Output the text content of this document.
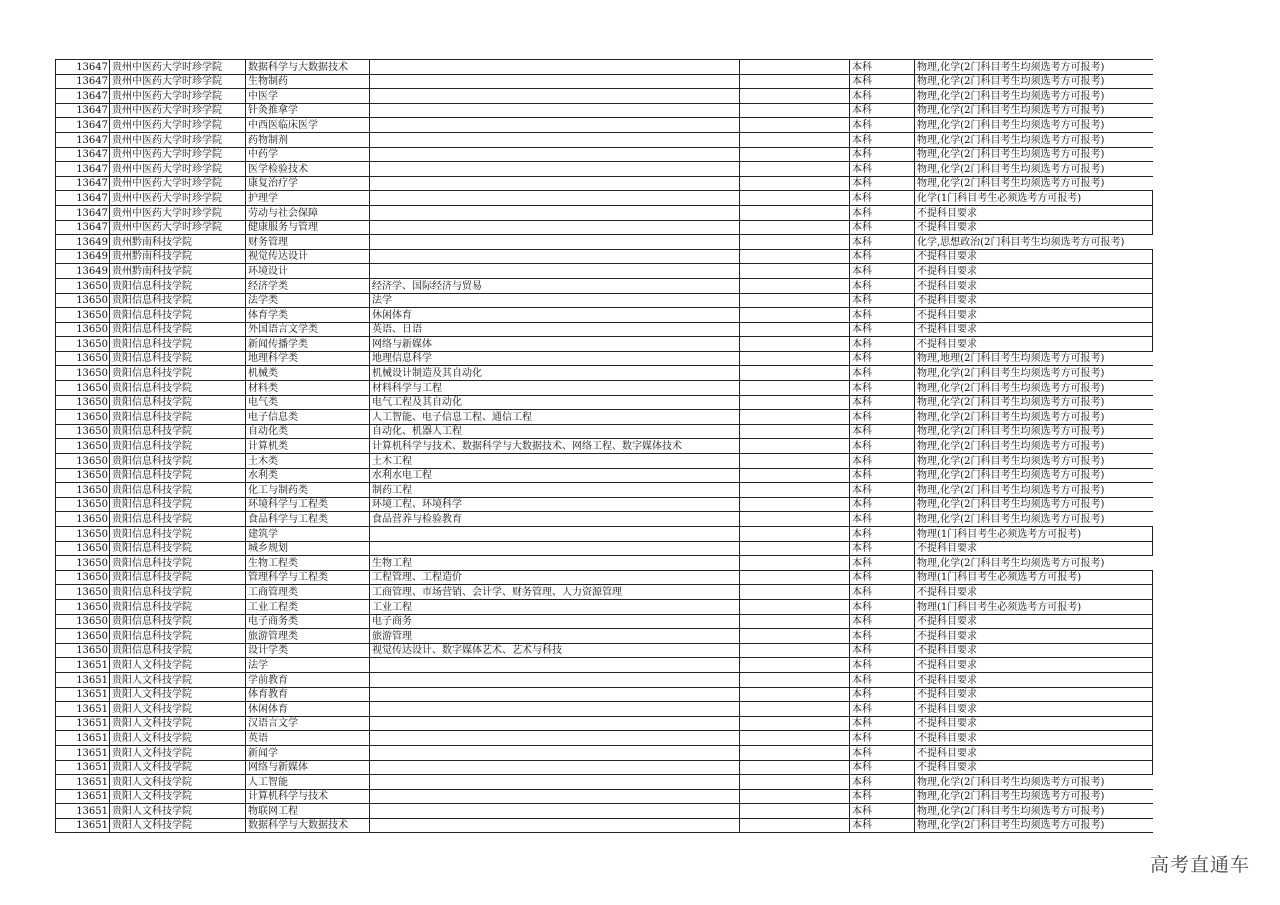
13647	贵州中医药大学时珍学院	数据科学与大数据技术			本科	物理,化学(2门科目考生均须选考方可报考)
13647	贵州中医药大学时珍学院	生物制药			本科	物理,化学(2门科目考生均须选考方可报考)
13647	贵州中医药大学时珍学院	中医学			本科	物理,化学(2门科目考生均须选考方可报考)
13647	贵州中医药大学时珍学院	针灸推拿学			本科	物理,化学(2门科目考生均须选考方可报考)
13647	贵州中医药大学时珍学院	中西医临床医学			本科	物理,化学(2门科目考生均须选考方可报考)
13647	贵州中医药大学时珍学院	药物制剂			本科	物理,化学(2门科目考生均须选考方可报考)
13647	贵州中医药大学时珍学院	中药学			本科	物理,化学(2门科目考生均须选考方可报考)
13647	贵州中医药大学时珍学院	医学检验技术			本科	物理,化学(2门科目考生均须选考方可报考)
13647	贵州中医药大学时珍学院	康复治疗学			本科	物理,化学(2门科目考生均须选考方可报考)
13647	贵州中医药大学时珍学院	护理学			本科	化学(1门科目考生必须选考方可报考)
13647	贵州中医药大学时珍学院	劳动与社会保障			本科	不提科目要求
13647	贵州中医药大学时珍学院	健康服务与管理			本科	不提科目要求
13649	贵州黔南科技学院	财务管理			本科	化学,思想政治(2门科目考生均须选考方可报考)
13649	贵州黔南科技学院	视觉传达设计			本科	不提科目要求
13649	贵州黔南科技学院	环境设计			本科	不提科目要求
13650	贵阳信息科技学院	经济学类	经济学、国际经济与贸易		本科	不提科目要求
13650	贵阳信息科技学院	法学类	法学		本科	不提科目要求
13650	贵阳信息科技学院	体育学类	休闲体育		本科	不提科目要求
13650	贵阳信息科技学院	外国语言文学类	英语、日语		本科	不提科目要求
13650	贵阳信息科技学院	新闻传播学类	网络与新媒体		本科	不提科目要求
13650	贵阳信息科技学院	地理科学类	地理信息科学		本科	物理,地理(2门科目考生均须选考方可报考)
13650	贵阳信息科技学院	机械类	机械设计制造及其自动化		本科	物理,化学(2门科目考生均须选考方可报考)
13650	贵阳信息科技学院	材料类	材料科学与工程		本科	物理,化学(2门科目考生均须选考方可报考)
13650	贵阳信息科技学院	电气类	电气工程及其自动化		本科	物理,化学(2门科目考生均须选考方可报考)
13650	贵阳信息科技学院	电子信息类	人工智能、电子信息工程、通信工程		本科	物理,化学(2门科目考生均须选考方可报考)
13650	贵阳信息科技学院	自动化类	自动化、机器人工程		本科	物理,化学(2门科目考生均须选考方可报考)
13650	贵阳信息科技学院	计算机类	计算机科学与技术、数据科学与大数据技术、网络工程、数字媒体技术		本科	物理,化学(2门科目考生均须选考方可报考)
13650	贵阳信息科技学院	土木类	土木工程		本科	物理,化学(2门科目考生均须选考方可报考)
13650	贵阳信息科技学院	水利类	水利水电工程		本科	物理,化学(2门科目考生均须选考方可报考)
13650	贵阳信息科技学院	化工与制药类	制药工程		本科	物理,化学(2门科目考生均须选考方可报考)
13650	贵阳信息科技学院	环境科学与工程类	环境工程、环境科学		本科	物理,化学(2门科目考生均须选考方可报考)
13650	贵阳信息科技学院	食品科学与工程类	食品营养与检验教育		本科	物理,化学(2门科目考生均须选考方可报考)
13650	贵阳信息科技学院	建筑学			本科	物理(1门科目考生必须选考方可报考)
13650	贵阳信息科技学院	城乡规划			本科	不提科目要求
13650	贵阳信息科技学院	生物工程类	生物工程		本科	物理,化学(2门科目考生均须选考方可报考)
13650	贵阳信息科技学院	管理科学与工程类	工程管理、工程造价		本科	物理(1门科目考生必须选考方可报考)
13650	贵阳信息科技学院	工商管理类	工商管理、市场营销、会计学、财务管理、人力资源管理		本科	不提科目要求
13650	贵阳信息科技学院	工业工程类	工业工程		本科	物理(1门科目考生必须选考方可报考)
13650	贵阳信息科技学院	电子商务类	电子商务		本科	不提科目要求
13650	贵阳信息科技学院	旅游管理类	旅游管理		本科	不提科目要求
13650	贵阳信息科技学院	设计学类	视觉传达设计、数字媒体艺术、艺术与科技		本科	不提科目要求
13651	贵阳人文科技学院	法学			本科	不提科目要求
13651	贵阳人文科技学院	学前教育			本科	不提科目要求
13651	贵阳人文科技学院	体育教育			本科	不提科目要求
13651	贵阳人文科技学院	休闲体育			本科	不提科目要求
13651	贵阳人文科技学院	汉语言文学			本科	不提科目要求
13651	贵阳人文科技学院	英语			本科	不提科目要求
13651	贵阳人文科技学院	新闻学			本科	不提科目要求
13651	贵阳人文科技学院	网络与新媒体			本科	不提科目要求
13651	贵阳人文科技学院	人工智能			本科	物理,化学(2门科目考生均须选考方可报考)
13651	贵阳人文科技学院	计算机科学与技术			本科	物理,化学(2门科目考生均须选考方可报考)
13651	贵阳人文科技学院	物联网工程			本科	物理,化学(2门科目考生均须选考方可报考)
13651	贵阳人文科技学院	数据科学与大数据技术			本科	物理,化学(2门科目考生均须选考方可报考)
高考直通车
